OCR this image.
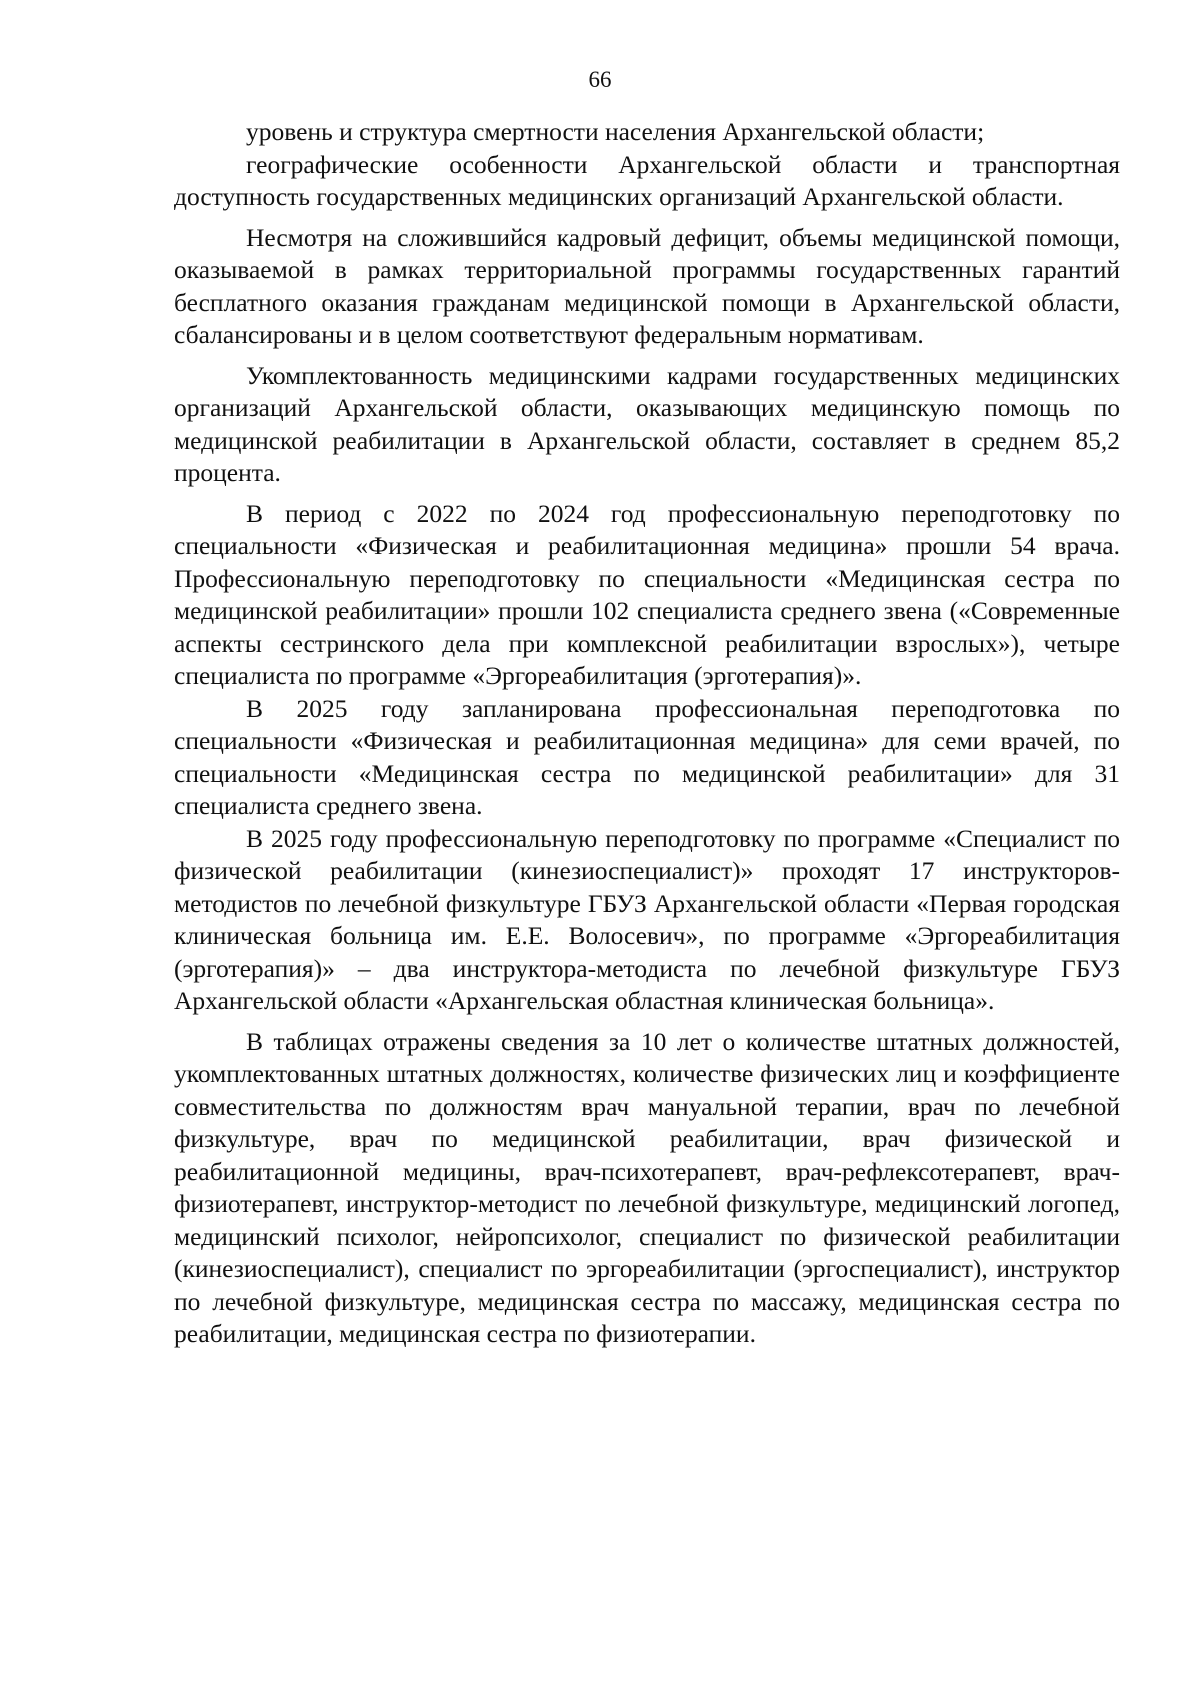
66

уровень и структура смертности населения Архангельской области;

географические особенности Архангельской области и транспортная доступность государственных медицинских организаций Архангельской области.

Несмотря на сложившийся кадровый дефицит, объемы медицинской помощи, оказываемой в рамках территориальной программы государственных гарантий бесплатного оказания гражданам медицинской помощи в Архангельской области, сбалансированы и в целом соответствуют федеральным нормативам.

Укомплектованность медицинскими кадрами государственных медицинских организаций Архангельской области, оказывающих медицинскую помощь по медицинской реабилитации в Архангельской области, составляет в среднем 85,2 процента.

В период с 2022 по 2024 год профессиональную переподготовку по специальности «Физическая и реабилитационная медицина» прошли 54 врача. Профессиональную переподготовку по специальности «Медицинская сестра по медицинской реабилитации» прошли 102 специалиста среднего звена («Современные аспекты сестринского дела при комплексной реабилитации взрослых»), четыре специалиста по программе «Эргореабилитация (эрготерапия)».

В 2025 году запланирована профессиональная переподготовка по специальности «Физическая и реабилитационная медицина» для семи врачей, по специальности «Медицинская сестра по медицинской реабилитации» для 31 специалиста среднего звена.

В 2025 году профессиональную переподготовку по программе «Специалист по физической реабилитации (кинезиоспециалист)» проходят 17 инструкторов-методистов по лечебной физкультуре ГБУЗ Архангельской области «Первая городская клиническая больница им. Е.Е. Волосевич», по программе «Эргореабилитация (эрготерапия)» – два инструктора-методиста по лечебной физкультуре ГБУЗ Архангельской области «Архангельская областная клиническая больница».

В таблицах отражены сведения за 10 лет о количестве штатных должностей, укомплектованных штатных должностях, количестве физических лиц и коэффициенте совместительства по должностям врач мануальной терапии, врач по лечебной физкультуре, врач по медицинской реабилитации, врач физической и реабилитационной медицины, врач-психотерапевт, врач-рефлексотерапевт, врач-физиотерапевт, инструктор-методист по лечебной физкультуре, медицинский логопед, медицинский психолог, нейропсихолог, специалист по физической реабилитации (кинезиоспециалист), специалист по эргореабилитации (эргоспециалист), инструктор по лечебной физкультуре, медицинская сестра по массажу, медицинская сестра по реабилитации, медицинская сестра по физиотерапии.
